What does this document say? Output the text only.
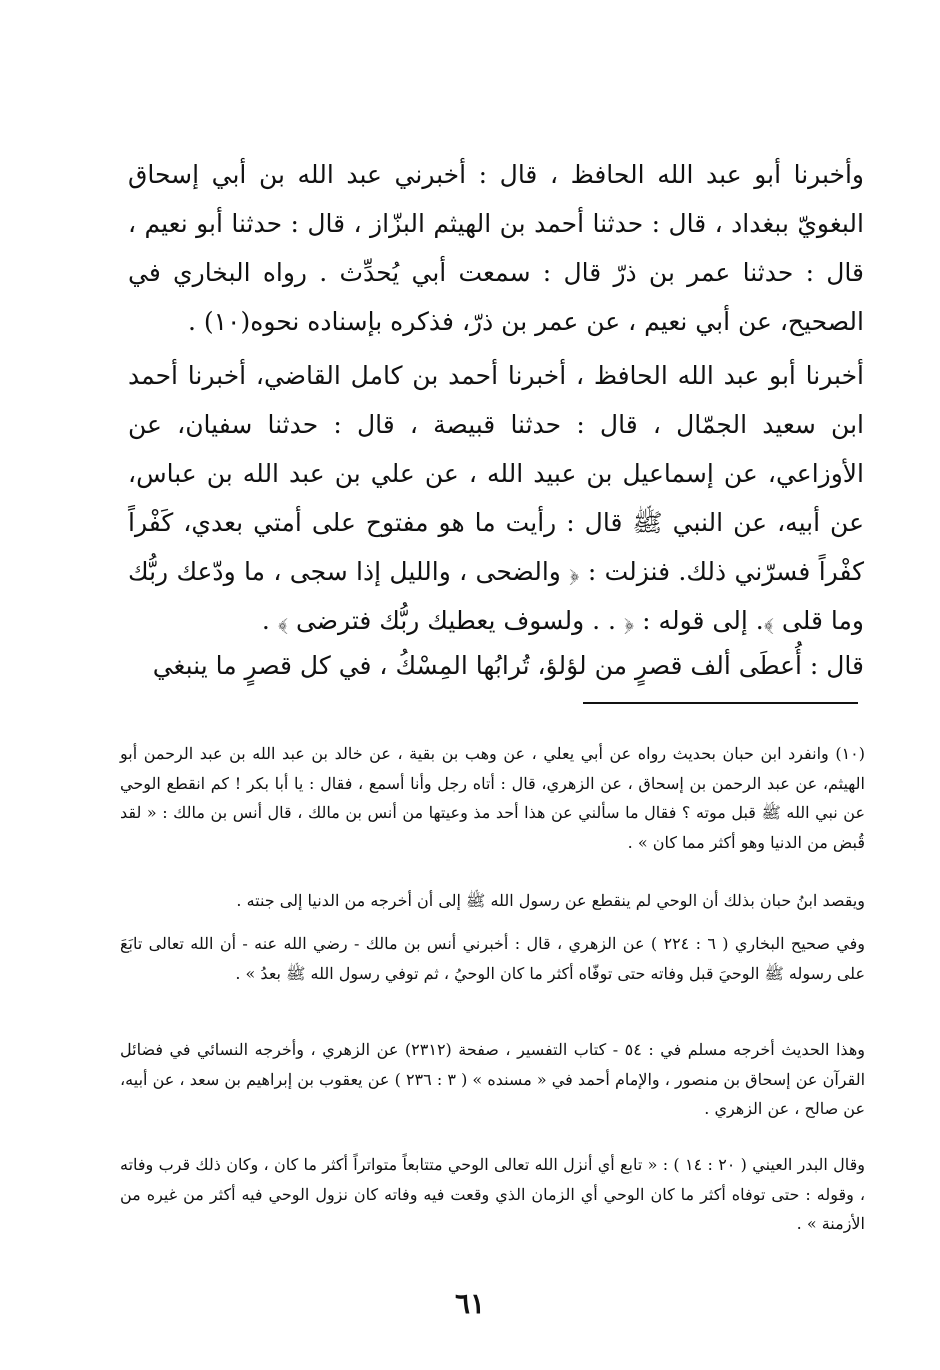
وأخبرنا أبو عبد الله الحافظ ، قال : أخبرني عبد الله بن أبي إسحاق البغويّ ببغداد ، قال : حدثنا أحمد بن الهيثم البزّاز ، قال : حدثنا أبو نعيم ، قال : حدثنا عمر بن ذرّ قال : سمعت أبي يُحدِّث . رواه البخاري في الصحيح، عن أبي نعيم ، عن عمر بن ذرّ، فذكره بإسناده نحوه(١٠) .

أخبرنا أبو عبد الله الحافظ ، أخبرنا أحمد بن كامل القاضي، أخبرنا أحمد ابن سعيد الجمّال ، قال : حدثنا قبيصة ، قال : حدثنا سفيان، عن الأوزاعي، عن إسماعيل بن عبيد الله ، عن علي بن عبد الله بن عباس، عن أبيه، عن النبي ﷺ قال : رأيت ما هو مفتوح على أمتي بعدي، كَفْراً كفْراً فسرّني ذلك. فنزلت : ﴿ والضحى ، والليل إذا سجى ، ما ودّعك ربُّك وما قلى ﴾. إلى قوله : ﴿ . . ولسوف يعطيك ربُّك فترضى ﴾ .

قال : أُعطَى ألف قصرٍ من لؤلؤ، تُرابُها المِسْكُ ، في كل قصرٍ ما ينبغي

(١٠) وانفرد ابن حبان بحديث رواه عن أبي يعلي ، عن وهب بن بقية ، عن خالد بن عبد الله بن عبد الرحمن أبو الهيثم، عن عبد الرحمن بن إسحاق ، عن الزهري، قال : أتاه رجل وأنا أسمع ، فقال : يا أبا بكر ! كم انقطع الوحي عن نبي الله ﷺ قبل موته ؟ فقال ما سألني عن هذا أحد مذ وعيتها من أنس بن مالك ، قال أنس بن مالك : « لقد قُبض من الدنيا وهو أكثر مما كان » .

ويقصد ابنُ حبان بذلك أن الوحي لم ينقطع عن رسول الله ﷺ إلى أن أخرجه من الدنيا إلى جنته .

وفي صحيح البخاري ( ٦ : ٢٢٤ ) عن الزهري ، قال : أخبرني أنس بن مالك - رضي الله عنه - أن الله تعالى تابَعَ على رسوله ﷺ الوحيَ قبل وفاته حتى توفّاه أكثر ما كان الوحيُ ، ثم توفي رسول الله ﷺ بعدُ » .

وهذا الحديث أخرجه مسلم في : ٥٤ - كتاب التفسير ، صفحة (٢٣١٢) عن الزهري ، وأخرجه النسائي في فضائل القرآن عن إسحاق بن منصور ، والإمام أحمد في « مسنده » ( ٣ : ٢٣٦ ) عن يعقوب بن إبراهيم بن سعد ، عن أبيه، عن صالح ، عن الزهري .

وقال البدر العيني ( ٢٠ : ١٤ ) : « تابع أي أنزل الله تعالى الوحي متتابعاً متواتراً أكثر ما كان ، وكان ذلك قرب وفاته ، وقوله : حتى توفاه أكثر ما كان الوحي أي الزمان الذي وقعت فيه وفاته كان نزول الوحي فيه أكثر من غيره من الأزمنة » .

٦١
